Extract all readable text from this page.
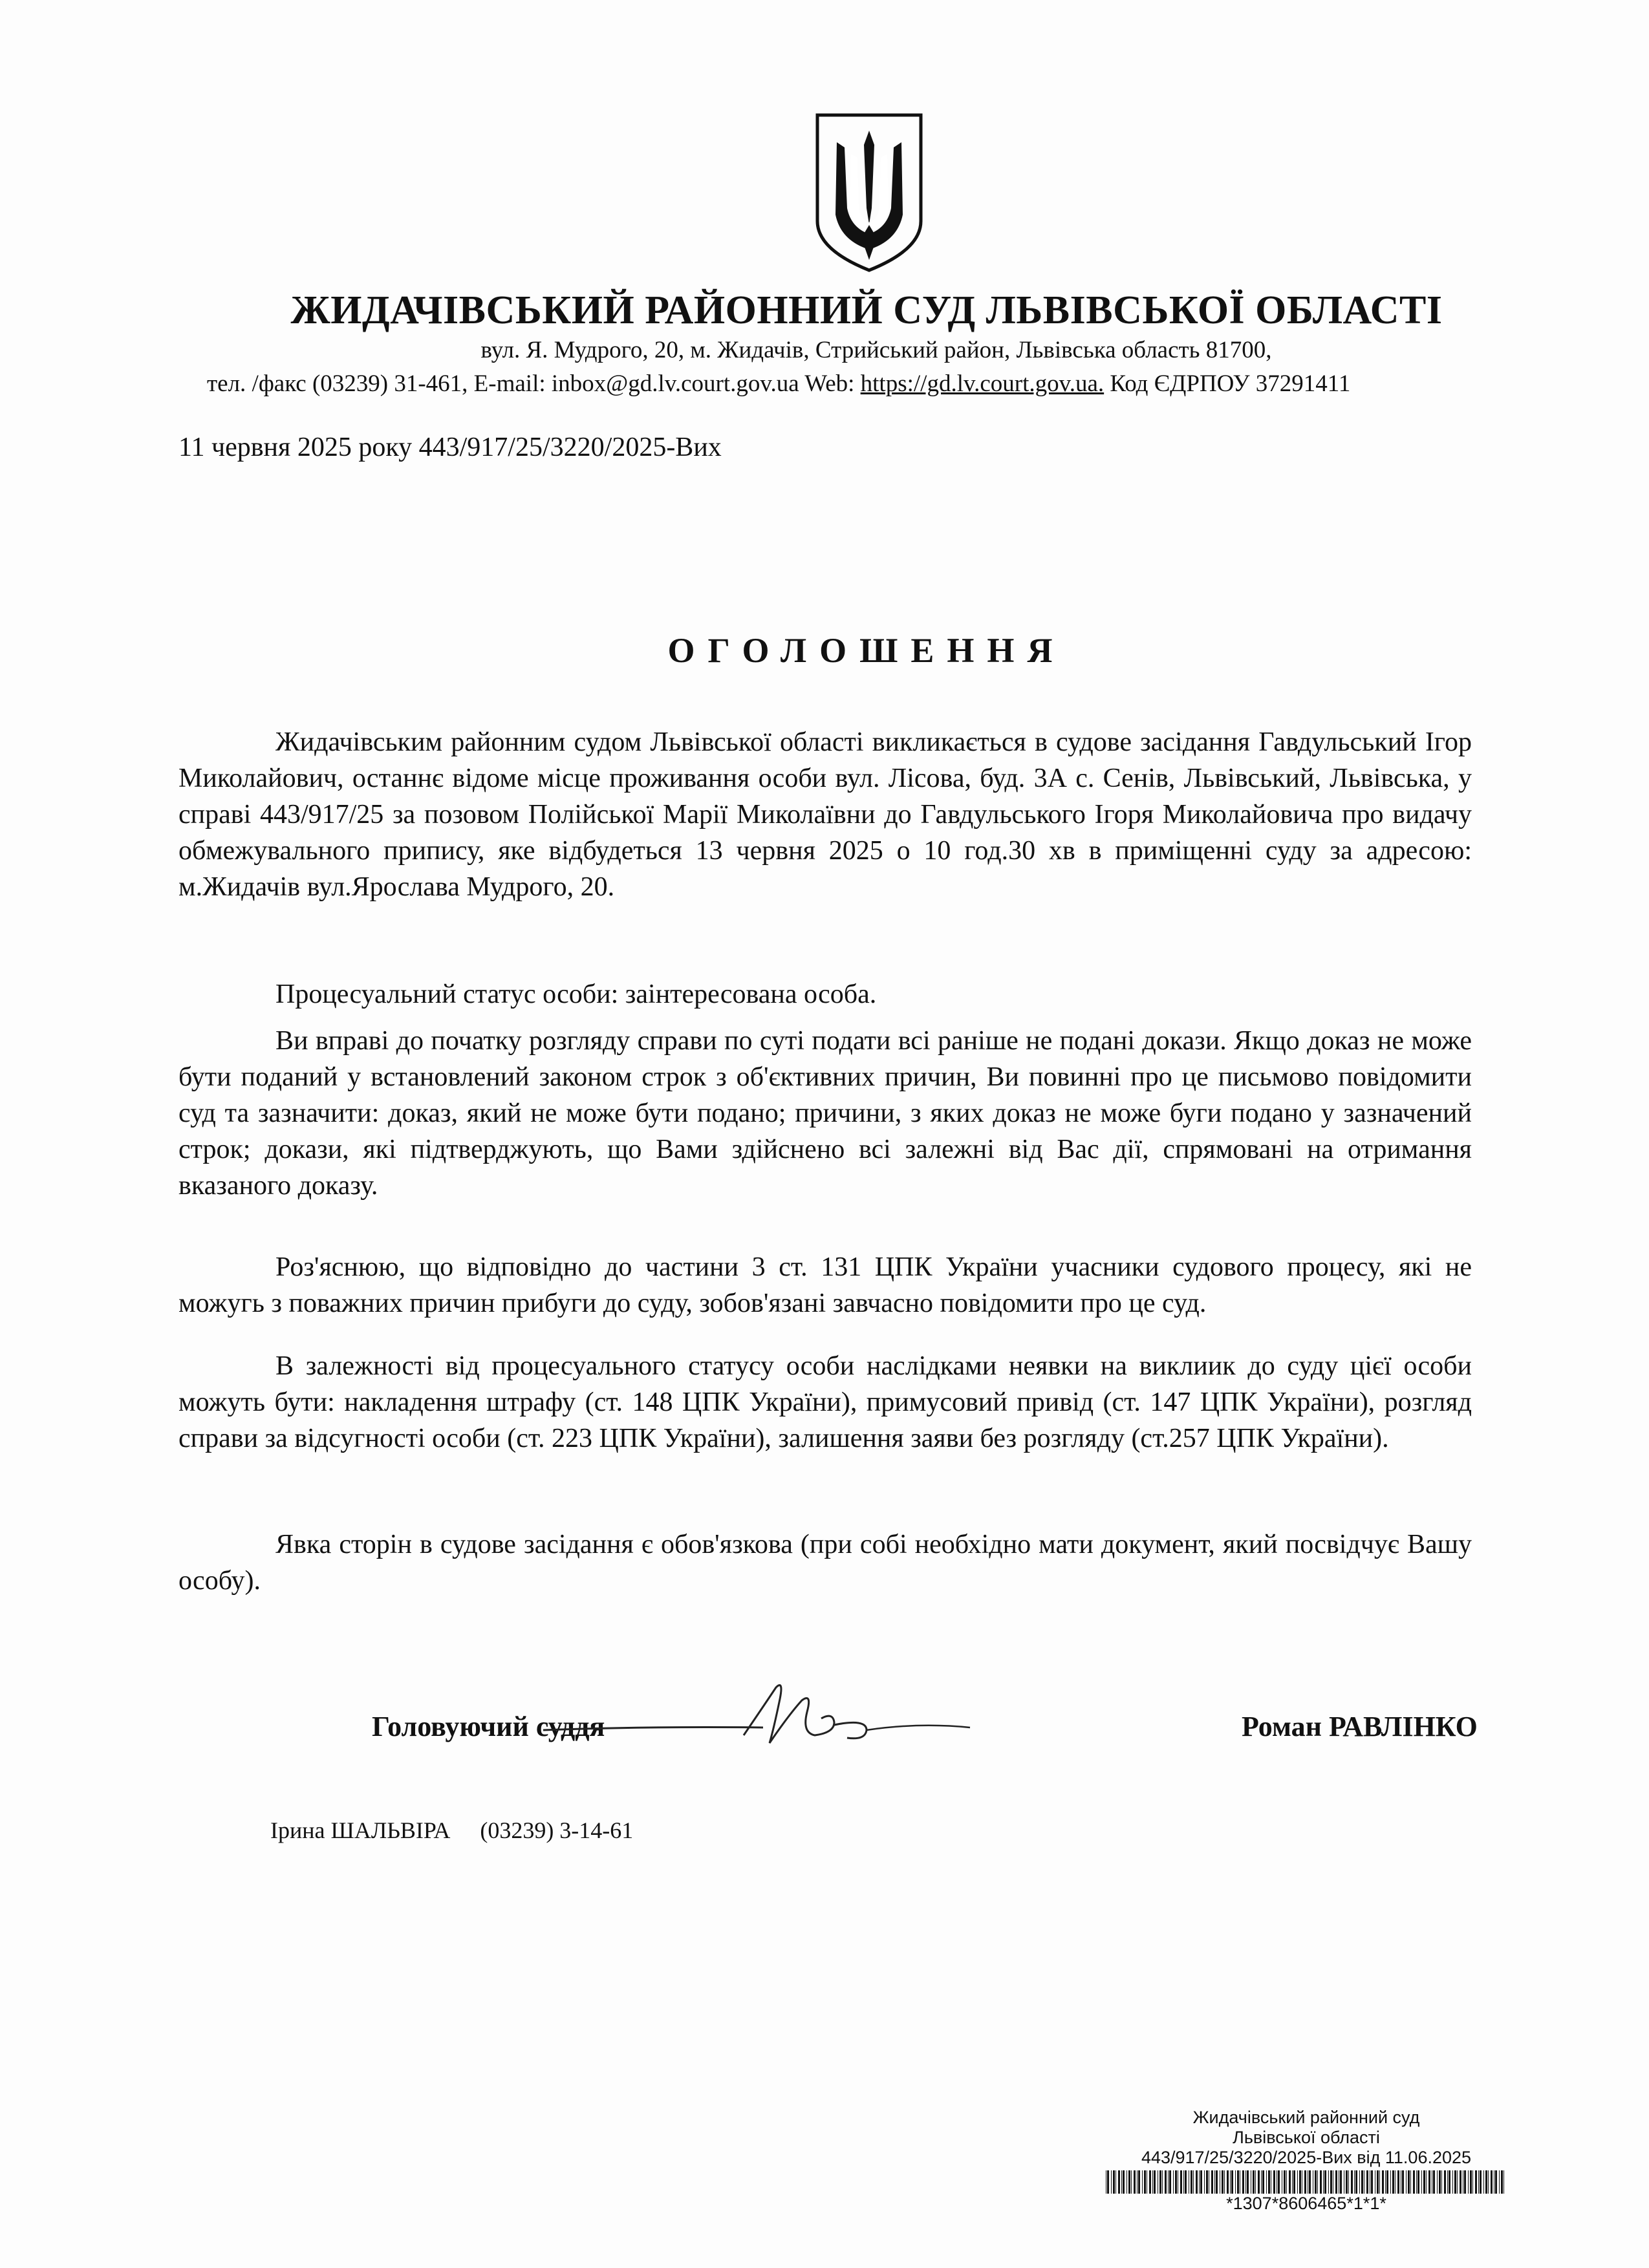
ЖИДАЧІВСЬКИЙ РАЙОННИЙ СУД ЛЬВІВСЬКОЇ ОБЛАСТІ
вул. Я. Мудрого, 20, м. Жидачів, Стрийський район, Львівська область 81700,
тел. /факс (03239) 31-461, E-mail: inbox@gd.lv.court.gov.ua Web: https://gd.lv.court.gov.ua. Код ЄДРПОУ 37291411
11 червня 2025 року 443/917/25/3220/2025-Вих
ОГОЛОШЕННЯ

Жидачівським районним судом Львівської області викликається в судове засідання Гавдульський Ігор Миколайович, останнє відоме місце проживання особи вул. Лісова, буд. 3А с. Сенів, Львівський, Львівська, у справі 443/917/25 за позовом Полійської Марії Миколаївни до Гавдульського Ігоря Миколайовича про видачу обмежувального припису, яке відбудеться 13 червня 2025 о 10 год.30 хв в приміщенні суду за адресою: м.Жидачів вул.Ярослава Мудрого, 20.

Процесуальний статус особи: заінтересована особа.

Ви вправі до початку розгляду справи по суті подати всі раніше не подані докази. Якщо доказ не може бути поданий у встановлений законом строк з об'єктивних причин, Ви повинні про це письмово повідомити суд та зазначити: доказ, який не може бути подано; причини, з яких доказ не може буги подано у зазначений строк; докази, які підтверджують, що Вами здійснено всі залежні від Вас дії, спрямовані на отримання вказаного доказу.

Роз'яснюю, що відповідно до частини 3 ст. 131 ЦПК України учасники судового процесу, які не можугь з поважних причин прибуги до суду, зобов'язані завчасно повідомити про це суд.

В залежності від процесуального статусу особи наслідками неявки на виклиик до суду цієї особи можуть бути: накладення штрафу (ст. 148 ЦПК України), примусовий привід (ст. 147 ЦПК України), розгляд справи за відсугності особи (ст. 223 ЦПК України), залишення заяви без розгляду (ст.257 ЦПК України).

Явка сторін в судове засідання є обов'язкова (при собі необхідно мати документ, який посвідчує Вашу особу).

Головуючий суддя	Роман РАВЛІНКО
Ірина ШАЛЬВІРА (03239) 3-14-61
Жидачівський районний суд
Львівської області
443/917/25/3220/2025-Вих від 11.06.2025
*1307*8606465*1*1*
